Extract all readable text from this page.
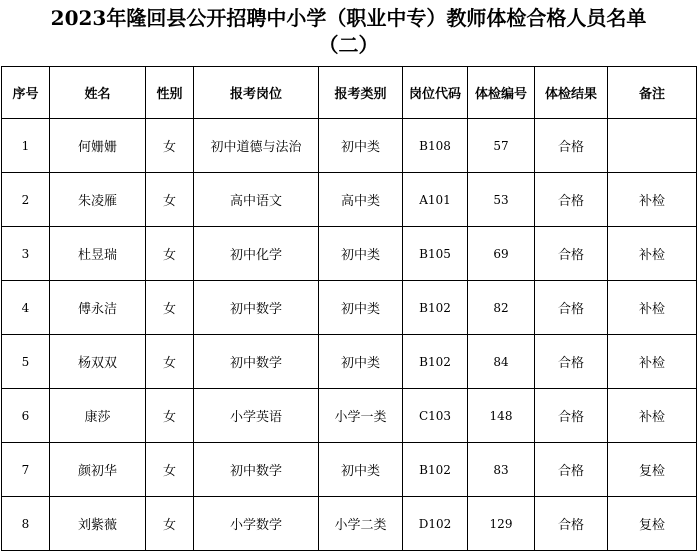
2023年隆回县公开招聘中小学（职业中专）教师体检合格人员名单
（二）
序号	姓名	性别	报考岗位	报考类别	岗位代码	体检编号	体检结果	备注
1	何姗姗	女	初中道德与法治	初中类	B108	57	合格	
2	朱凌雁	女	高中语文	高中类	A101	53	合格	补检
3	杜昱瑞	女	初中化学	初中类	B105	69	合格	补检
4	傅永洁	女	初中数学	初中类	B102	82	合格	补检
5	杨双双	女	初中数学	初中类	B102	84	合格	补检
6	康莎	女	小学英语	小学一类	C103	148	合格	补检
7	颜初华	女	初中数学	初中类	B102	83	合格	复检
8	刘紫薇	女	小学数学	小学二类	D102	129	合格	复检
